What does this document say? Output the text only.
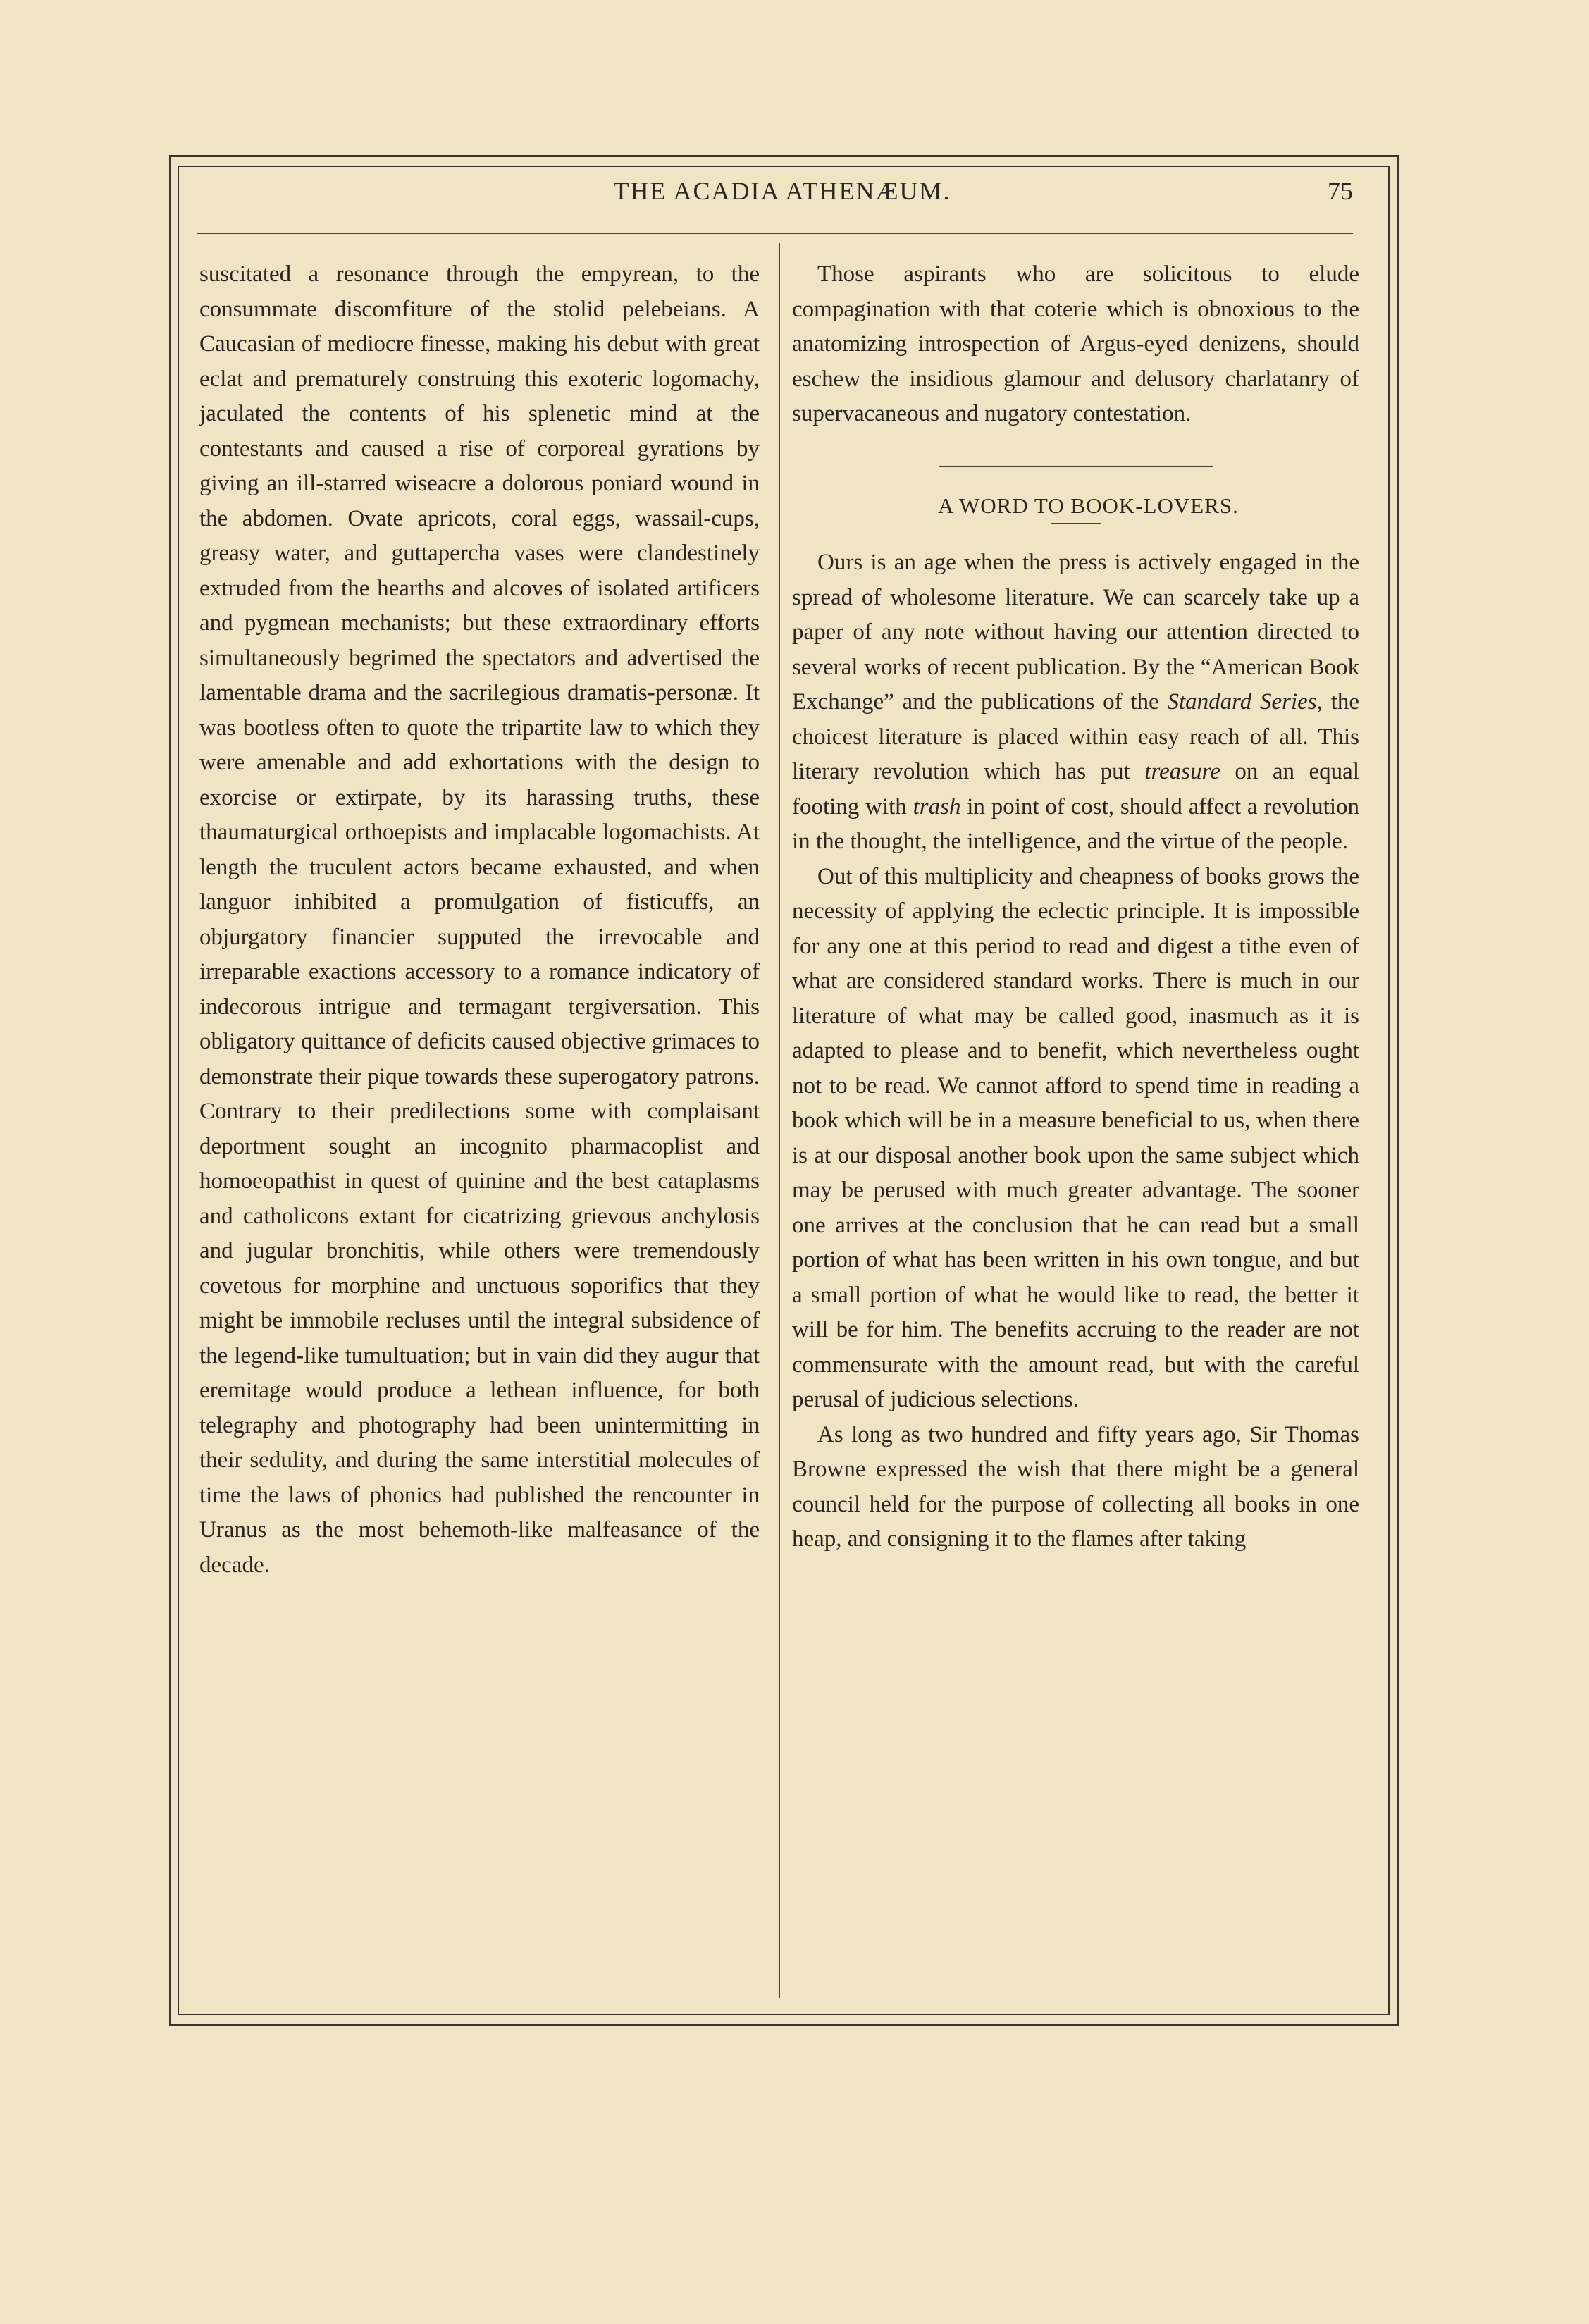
THE ACADIA ATHENÆUM.	75

suscitated a resonance through the empyrean, to the consummate discomfiture of the stolid pelebeians. A Caucasian of mediocre finesse, making his debut with great eclat and prematurely construing this exoteric logomachy, jaculated the contents of his splenetic mind at the contestants and caused a rise of corporeal gyrations by giving an ill-starred wiseacre a dolorous poniard wound in the abdomen. Ovate apricots, coral eggs, wassail-cups, greasy water, and guttapercha vases were clandestinely extruded from the hearths and alcoves of isolated artificers and pygmean mechanists; but these extraordinary efforts simultaneously begrimed the spectators and advertised the lamentable drama and the sacrilegious dramatis-personæ. It was bootless often to quote the tripartite law to which they were amenable and add exhortations with the design to exorcise or extirpate, by its harassing truths, these thaumaturgical orthoepists and implacable logomachists. At length the truculent actors became exhausted, and when languor inhibited a promulgation of fisticuffs, an objurgatory financier supputed the irrevocable and irreparable exactions accessory to a romance indicatory of indecorous intrigue and termagant tergiversation. This obligatory quittance of deficits caused objective grimaces to demonstrate their pique towards these superogatory patrons. Contrary to their predilections some with complaisant deportment sought an incognito pharmacoplist and homoeopathist in quest of quinine and the best cataplasms and catholicons extant for cicatrizing grievous anchylosis and jugular bronchitis, while others were tremendously covetous for morphine and unctuous soporifics that they might be immobile recluses until the integral subsidence of the legend-like tumultuation; but in vain did they augur that eremitage would produce a lethean influence, for both telegraphy and photography had been unintermitting in their sedulity, and during the same interstitial molecules of time the laws of phonics had published the rencounter in Uranus as the most behemoth-like malfeasance of the decade.

Those aspirants who are solicitous to elude compagination with that coterie which is obnoxious to the anatomizing introspection of Argus-eyed denizens, should eschew the insidious glamour and delusory charlatanry of supervacaneous and nugatory contestation.

A WORD TO BOOK-LOVERS.

Ours is an age when the press is actively engaged in the spread of wholesome literature. We can scarcely take up a paper of any note without having our attention directed to several works of recent publication. By the “American Book Exchange” and the publications of the Standard Series, the choicest literature is placed within easy reach of all. This literary revolution which has put treasure on an equal footing with trash in point of cost, should affect a revolution in the thought, the intelligence, and the virtue of the people.

Out of this multiplicity and cheapness of books grows the necessity of applying the eclectic principle. It is impossible for any one at this period to read and digest a tithe even of what are considered standard works. There is much in our literature of what may be called good, inasmuch as it is adapted to please and to benefit, which nevertheless ought not to be read. We cannot afford to spend time in reading a book which will be in a measure beneficial to us, when there is at our disposal another book upon the same subject which may be perused with much greater advantage. The sooner one arrives at the conclusion that he can read but a small portion of what has been written in his own tongue, and but a small portion of what he would like to read, the better it will be for him. The benefits accruing to the reader are not commensurate with the amount read, but with the careful perusal of judicious selections.

As long as two hundred and fifty years ago, Sir Thomas Browne expressed the wish that there might be a general council held for the purpose of collecting all books in one heap, and consigning it to the flames after taking
